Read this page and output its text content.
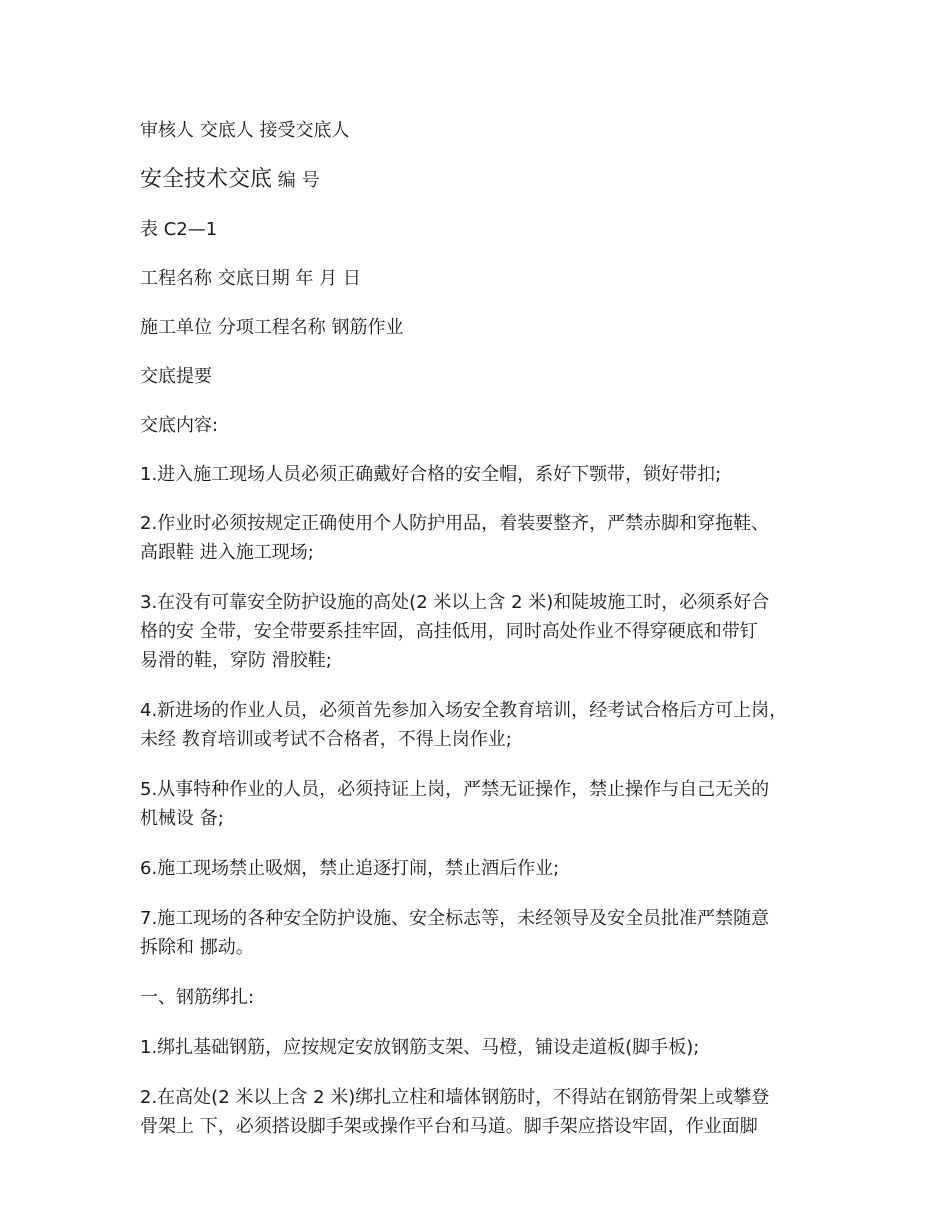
审核人 交底人 接受交底人

安全技术交底 编 号

表 C2—1

工程名称 交底日期 年 月 日

施工单位 分项工程名称 钢筋作业

交底提要

交底内容:

1.进入施工现场人员必须正确戴好合格的安全帽，系好下颚带，锁好带扣;

2.作业时必须按规定正确使用个人防护用品，着装要整齐，严禁赤脚和穿拖鞋、

高跟鞋 进入施工现场;

3.在没有可靠安全防护设施的高处(2 米以上含 2 米)和陡坡施工时，必须系好合

格的安 全带，安全带要系挂牢固，高挂低用，同时高处作业不得穿硬底和带钉

易滑的鞋，穿防 滑胶鞋;

4.新进场的作业人员，必须首先参加入场安全教育培训，经考试合格后方可上岗，

未经 教育培训或考试不合格者，不得上岗作业;

5.从事特种作业的人员，必须持证上岗，严禁无证操作，禁止操作与自己无关的

机械设 备;

6.施工现场禁止吸烟，禁止追逐打闹，禁止酒后作业;

7.施工现场的各种安全防护设施、安全标志等，未经领导及安全员批准严禁随意

拆除和 挪动。

一、钢筋绑扎:

1.绑扎基础钢筋，应按规定安放钢筋支架、马橙，铺设走道板(脚手板);

2.在高处(2 米以上含 2 米)绑扎立柱和墙体钢筋时，不得站在钢筋骨架上或攀登

骨架上 下，必须搭设脚手架或操作平台和马道。脚手架应搭设牢固，作业面脚
